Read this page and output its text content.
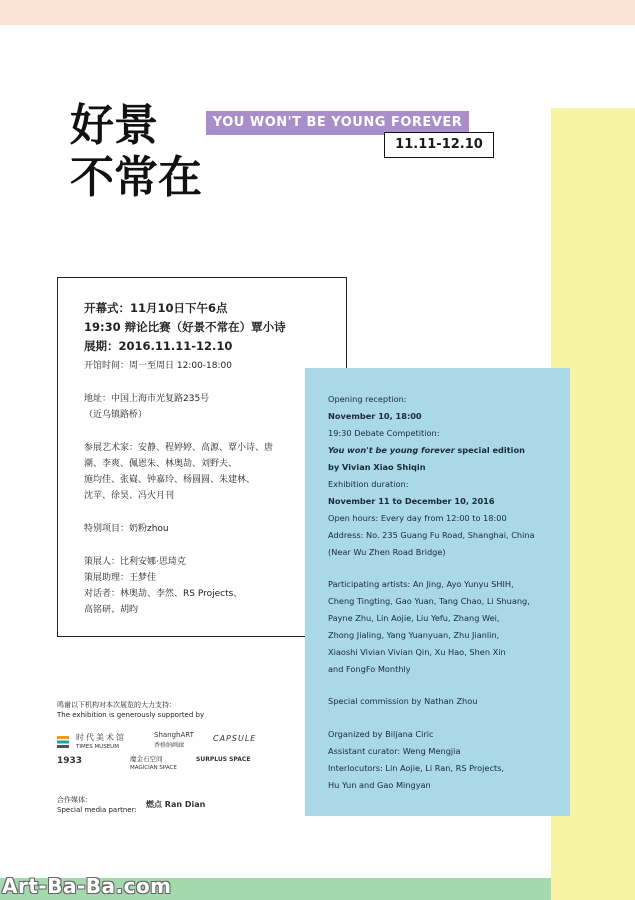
好景
不常在
YOU WON'T BE YOUNG FOREVER
11.11-12.10
开幕式：11月10日下午6点
19:30 辩论比赛（好景不常在）覃小诗
展期：2016.11.11-12.10
开馆时间：周一至周日 12:00-18:00
地址：中国上海市光复路235号
（近乌镇路桥）
参展艺术家：安静、程婷婷、高源、覃小诗、唐
潮、李爽、佩恩朱、林奥劼、刘野夫、
施均佳、张嶷、钟嘉玲、杨圆圆、朱建林、
沈苹、徐昊、冯火月刊
特别项目：奶粉zhou
策展人：比利安娜·思琦克
策展助理：王梦佳
对话者：林奥劼、李然、RS Projects、
高铭研、胡昀
Opening reception:
November 10, 18:00
19:30 Debate Competition:
You won't be young forever special edition
by Vivian Xiao Shiqin
Exhibition duration:
November 11 to December 10, 2016
Open hours: Every day from 12:00 to 18:00
Address: No. 235 Guang Fu Road, Shanghai, China
(Near Wu Zhen Road Bridge)
Participating artists: An Jing, Ayo Yunyu SHIH,
Cheng Tingting, Gao Yuan, Tang Chao, Li Shuang,
Payne Zhu, Lin Aojie, Liu Yefu, Zhang Wei,
Zhong Jialing, Yang Yuanyuan, Zhu Jianlin,
Xiaoshi Vivian Vivian Qin, Xu Hao, Shen Xin
and FongFo Monthly
Special commission by Nathan Zhou
Organized by Biljana Ciric
Assistant curator: Weng Mengjia
Interlocutors: Lin Aojie, Li Ran, RS Projects,
Hu Yun and Gao Mingyan
鸣谢以下机构对本次展览的大力支持：
The exhibition is generously supported by
时代美术馆
TIMES MUSEUM
ShanghART
香格纳画廊
CAPSULE
1933	魔金石空间
MAGICIAN SPACE
SURPLUS SPACE
合作媒体：
Special media partner:
燃点 Ran Dian
Art-Ba-Ba.com
